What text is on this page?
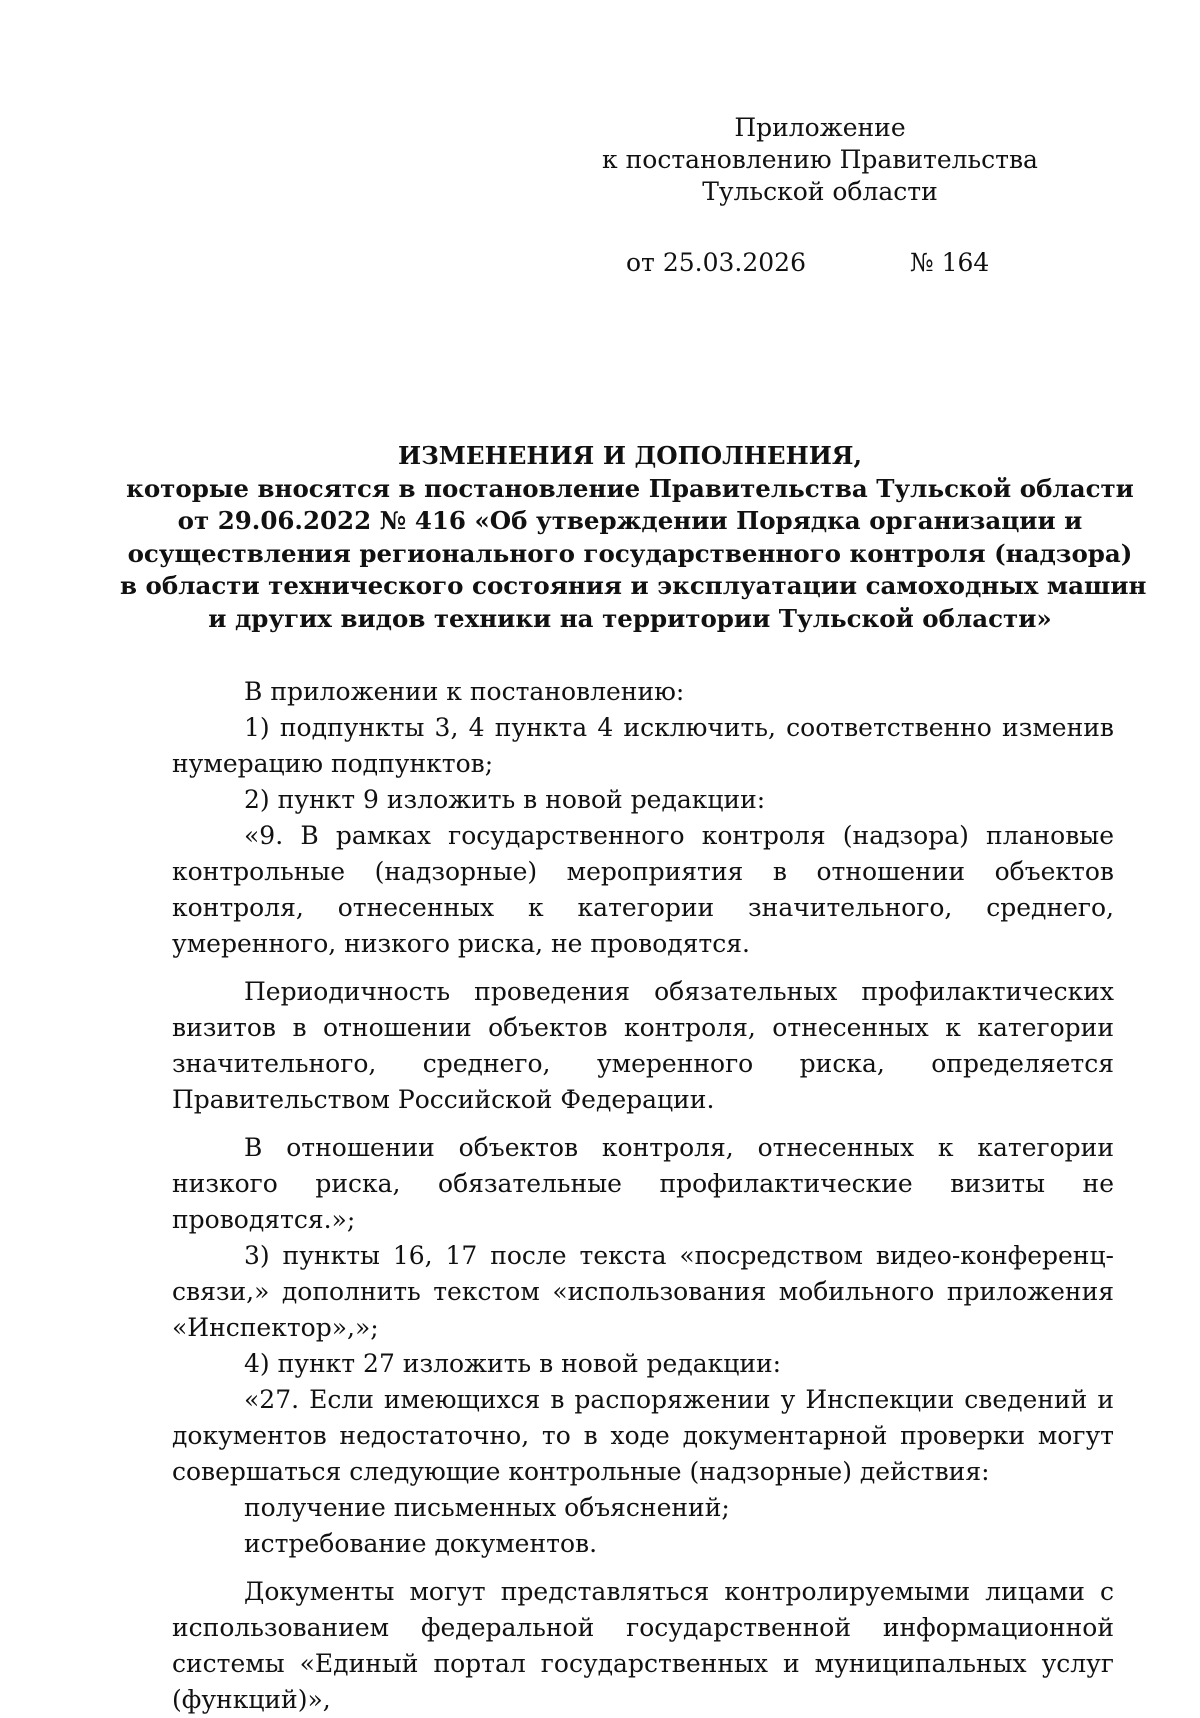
Приложение
к постановлению Правительства
Тульской области
от 25.03.2026	№ 164
ИЗМЕНЕНИЯ И ДОПОЛНЕНИЯ,
которые вносятся в постановление Правительства Тульской области
от 29.06.2022 № 416 «Об утверждении Порядка организации и
осуществления регионального государственного контроля (надзора)
в области технического состояния и эксплуатации самоходных машин
и других видов техники на территории Тульской области»

В приложении к постановлению:

1) подпункты 3, 4 пункта 4 исключить, соответственно изменив нумерацию подпунктов;

2) пункт 9 изложить в новой редакции:

«9. В рамках государственного контроля (надзора) плановые контрольные (надзорные) мероприятия в отношении объектов контроля, отнесенных к категории значительного, среднего, умеренного, низкого риска, не проводятся.

Периодичность проведения обязательных профилактических визитов в отношении объектов контроля, отнесенных к категории значительного, среднего, умеренного риска, определяется Правительством Российской Федерации.

В отношении объектов контроля, отнесенных к категории низкого риска, обязательные профилактические визиты не проводятся.»;

3) пункты 16, 17 после текста «посредством видео-конференц-связи,» дополнить текстом «использования мобильного приложения «Инспектор»,»;

4) пункт 27 изложить в новой редакции:

«27. Если имеющихся в распоряжении у Инспекции сведений и документов недостаточно, то в ходе документарной проверки могут совершаться следующие контрольные (надзорные) действия:

получение письменных объяснений;

истребование документов.

Документы могут представляться контролируемыми лицами с использованием федеральной государственной информационной системы «Единый портал государственных и муниципальных услуг (функций)»,
